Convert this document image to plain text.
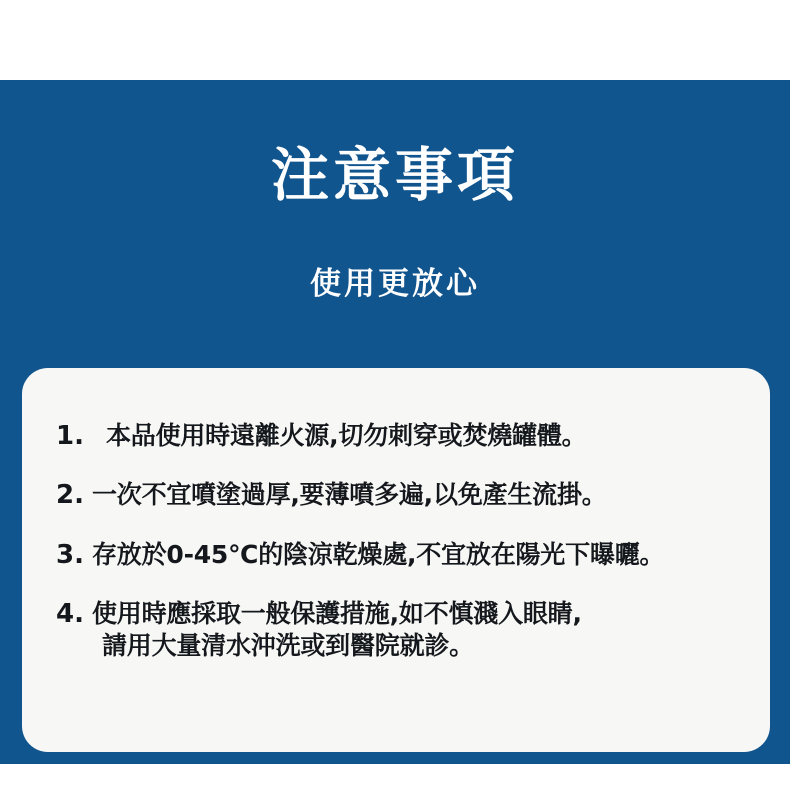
注意事項
使用更放心
1. 本品使用時遠離火源,切勿刺穿或焚燒罐體。
2. 一次不宜噴塗過厚,要薄噴多遍,以免產生流掛。
3. 存放於0-45℃的陰涼乾燥處,不宜放在陽光下曝曬。
4. 使用時應採取一般保護措施,如不慎濺入眼睛,
請用大量清水沖洗或到醫院就診。
